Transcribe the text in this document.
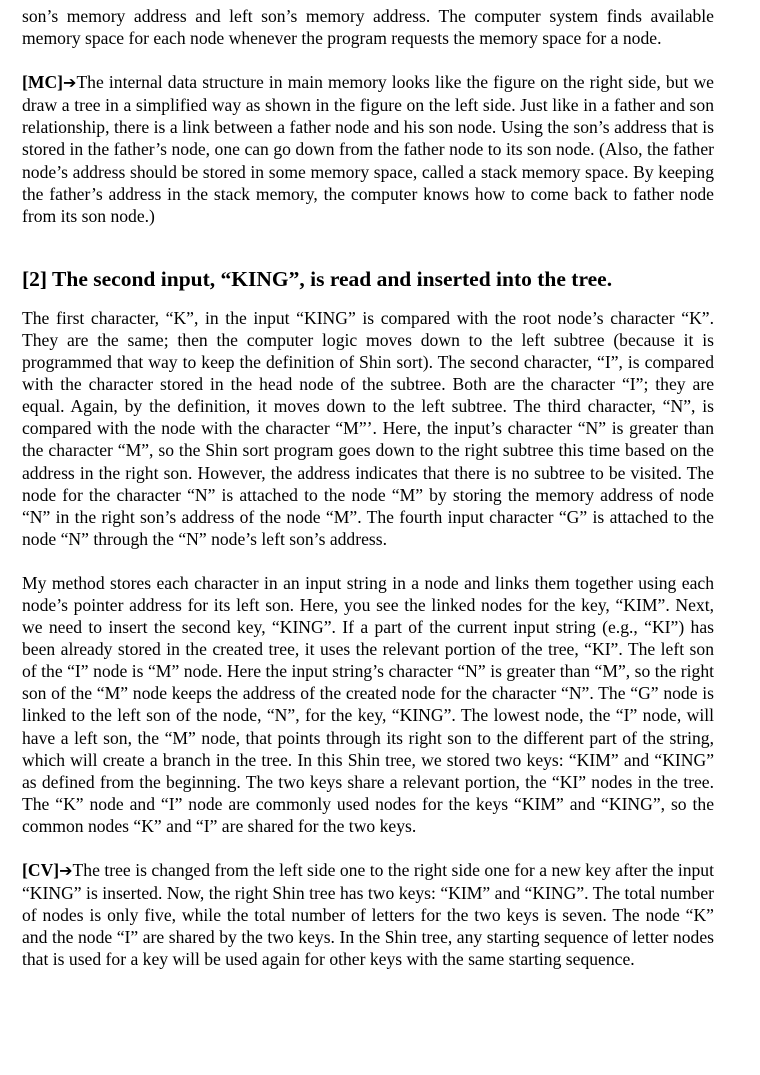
son’s memory address and left son’s memory address. The computer system finds available memory space for each node whenever the program requests the memory space for a node.

[MC]➔The internal data structure in main memory looks like the figure on the right side, but we draw a tree in a simplified way as shown in the figure on the left side. Just like in a father and son relationship, there is a link between a father node and his son node. Using the son’s address that is stored in the father’s node, one can go down from the father node to its son node. (Also, the father node’s address should be stored in some memory space, called a stack memory space. By keeping the father’s address in the stack memory, the computer knows how to come back to father node from its son node.)

[2] The second input, “KING”, is read and inserted into the tree.

The first character, “K”, in the input “KING” is compared with the root node’s character “K”. They are the same; then the computer logic moves down to the left subtree (because it is programmed that way to keep the definition of Shin sort). The second character, “I”, is compared with the character stored in the head node of the subtree. Both are the character “I”; they are equal. Again, by the definition, it moves down to the left subtree. The third character, “N”, is compared with the node with the character “M”’. Here, the input’s character “N” is greater than the character “M”, so the Shin sort program goes down to the right subtree this time based on the address in the right son. However, the address indicates that there is no subtree to be visited. The node for the character “N” is attached to the node “M” by storing the memory address of node “N” in the right son’s address of the node “M”. The fourth input character “G” is attached to the node “N” through the “N” node’s left son’s address.

My method stores each character in an input string in a node and links them together using each node’s pointer address for its left son. Here, you see the linked nodes for the key, “KIM”. Next, we need to insert the second key, “KING”. If a part of the current input string (e.g., “KI”) has been already stored in the created tree, it uses the relevant portion of the tree, “KI”. The left son of the “I” node is “M” node. Here the input string’s character “N” is greater than “M”, so the right son of the “M” node keeps the address of the created node for the character “N”. The “G” node is linked to the left son of the node, “N”, for the key, “KING”. The lowest node, the “I” node, will have a left son, the “M” node, that points through its right son to the different part of the string, which will create a branch in the tree. In this Shin tree, we stored two keys: “KIM” and “KING” as defined from the beginning. The two keys share a relevant portion, the “KI” nodes in the tree. The “K” node and “I” node are commonly used nodes for the keys “KIM” and “KING”, so the common nodes “K” and “I” are shared for the two keys.

[CV]➔The tree is changed from the left side one to the right side one for a new key after the input “KING” is inserted. Now, the right Shin tree has two keys: “KIM” and “KING”. The total number of nodes is only five, while the total number of letters for the two keys is seven. The node “K” and the node “I” are shared by the two keys. In the Shin tree, any starting sequence of letter nodes that is used for a key will be used again for other keys with the same starting sequence.
